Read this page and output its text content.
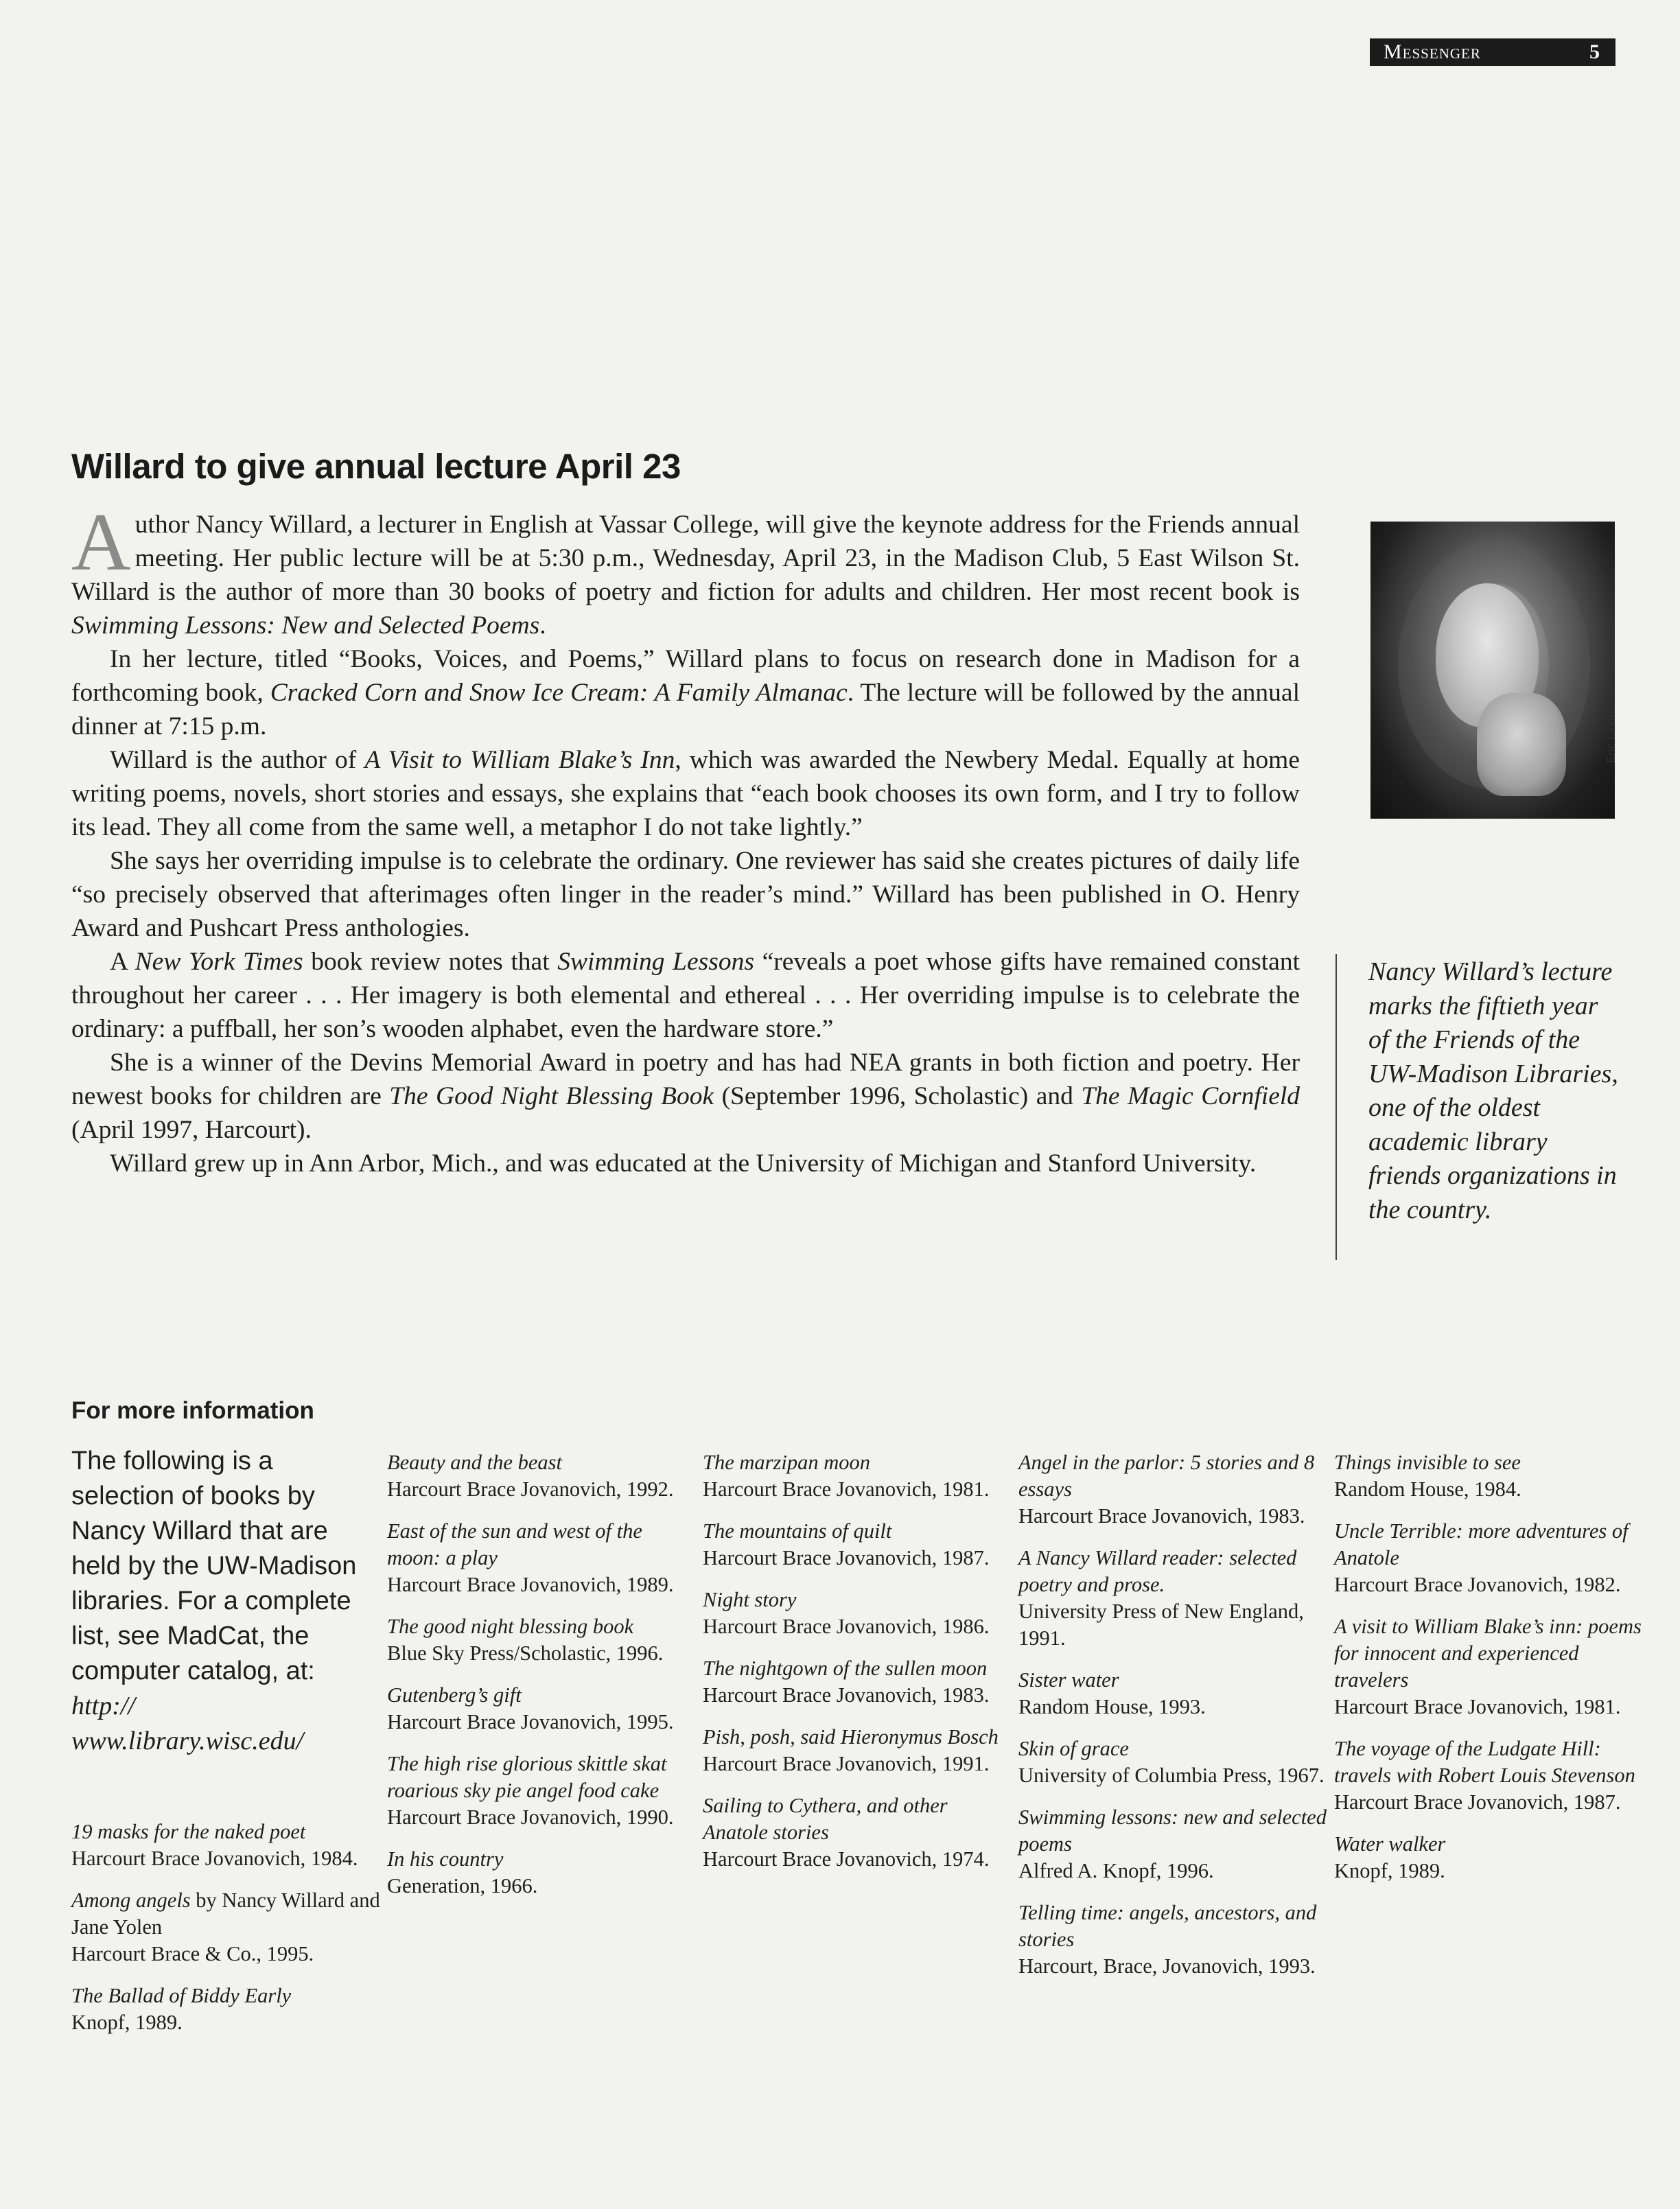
Messenger	5
Willard to give annual lecture April 23

Author Nancy Willard, a lecturer in English at Vassar College, will give the keynote address for the Friends annual meeting. Her public lecture will be at 5:30 p.m., Wednesday, April 23, in the Madison Club, 5 East Wilson St. Willard is the author of more than 30 books of poetry and fiction for adults and children. Her most recent book is Swimming Lessons: New and Selected Poems.

In her lecture, titled “Books, Voices, and Poems,” Willard plans to focus on research done in Madison for a forthcoming book, Cracked Corn and Snow Ice Cream: A Family Almanac. The lecture will be followed by the annual dinner at 7:15 p.m.

Willard is the author of A Visit to William Blake’s Inn, which was awarded the Newbery Medal. Equally at home writing poems, novels, short stories and essays, she explains that “each book chooses its own form, and I try to follow its lead. They all come from the same well, a metaphor I do not take lightly.”

She says her overriding impulse is to celebrate the ordinary. One reviewer has said she creates pictures of daily life “so precisely observed that afterimages often linger in the reader’s mind.” Willard has been published in O. Henry Award and Pushcart Press anthologies.

A New York Times book review notes that Swimming Lessons “reveals a poet whose gifts have remained constant throughout her career . . . Her imagery is both elemental and ethereal . . . Her overriding impulse is to celebrate the ordinary: a puffball, her son’s wooden alphabet, even the hardware store.”

She is a winner of the Devins Memorial Award in poetry and has had NEA grants in both fiction and poetry. Her newest books for children are The Good Night Blessing Book (September 1996, Scholastic) and The Magic Cornfield (April 1997, Harcourt).

Willard grew up in Ann Arbor, Mich., and was educated at the University of Michigan and Stanford University.

Eric Lindbloom
Nancy Willard’s lecture marks the fiftieth year of the Friends of the UW-Madison Libraries, one of the oldest academic library friends organizations in the country.
For more information
The following is a selection of books by Nancy Willard that are held by the UW-Madison libraries. For a complete list, see MadCat, the computer catalog, at: http:// www.library.wisc.edu/
19 masks for the naked poet
Harcourt Brace Jovanovich, 1984.
Among angels by Nancy Willard and Jane Yolen
Harcourt Brace & Co., 1995.
The Ballad of Biddy Early
Knopf, 1989.
Beauty and the beast
Harcourt Brace Jovanovich, 1992.
East of the sun and west of the moon: a play
Harcourt Brace Jovanovich, 1989.
The good night blessing book
Blue Sky Press/Scholastic, 1996.
Gutenberg’s gift
Harcourt Brace Jovanovich, 1995.
The high rise glorious skittle skat roarious sky pie angel food cake
Harcourt Brace Jovanovich, 1990.
In his country
Generation, 1966.
The marzipan moon
Harcourt Brace Jovanovich, 1981.
The mountains of quilt
Harcourt Brace Jovanovich, 1987.
Night story
Harcourt Brace Jovanovich, 1986.
The nightgown of the sullen moon
Harcourt Brace Jovanovich, 1983.
Pish, posh, said Hieronymus Bosch
Harcourt Brace Jovanovich, 1991.
Sailing to Cythera, and other Anatole stories
Harcourt Brace Jovanovich, 1974.
Angel in the parlor: 5 stories and 8 essays
Harcourt Brace Jovanovich, 1983.
A Nancy Willard reader: selected poetry and prose.
University Press of New England, 1991.
Sister water
Random House, 1993.
Skin of grace
University of Columbia Press, 1967.
Swimming lessons: new and selected poems
Alfred A. Knopf, 1996.
Telling time: angels, ancestors, and stories
Harcourt, Brace, Jovanovich, 1993.
Things invisible to see
Random House, 1984.
Uncle Terrible: more adventures of Anatole
Harcourt Brace Jovanovich, 1982.
A visit to William Blake’s inn: poems for innocent and experienced travelers
Harcourt Brace Jovanovich, 1981.
The voyage of the Ludgate Hill: travels with Robert Louis Stevenson
Harcourt Brace Jovanovich, 1987.
Water walker
Knopf, 1989.
